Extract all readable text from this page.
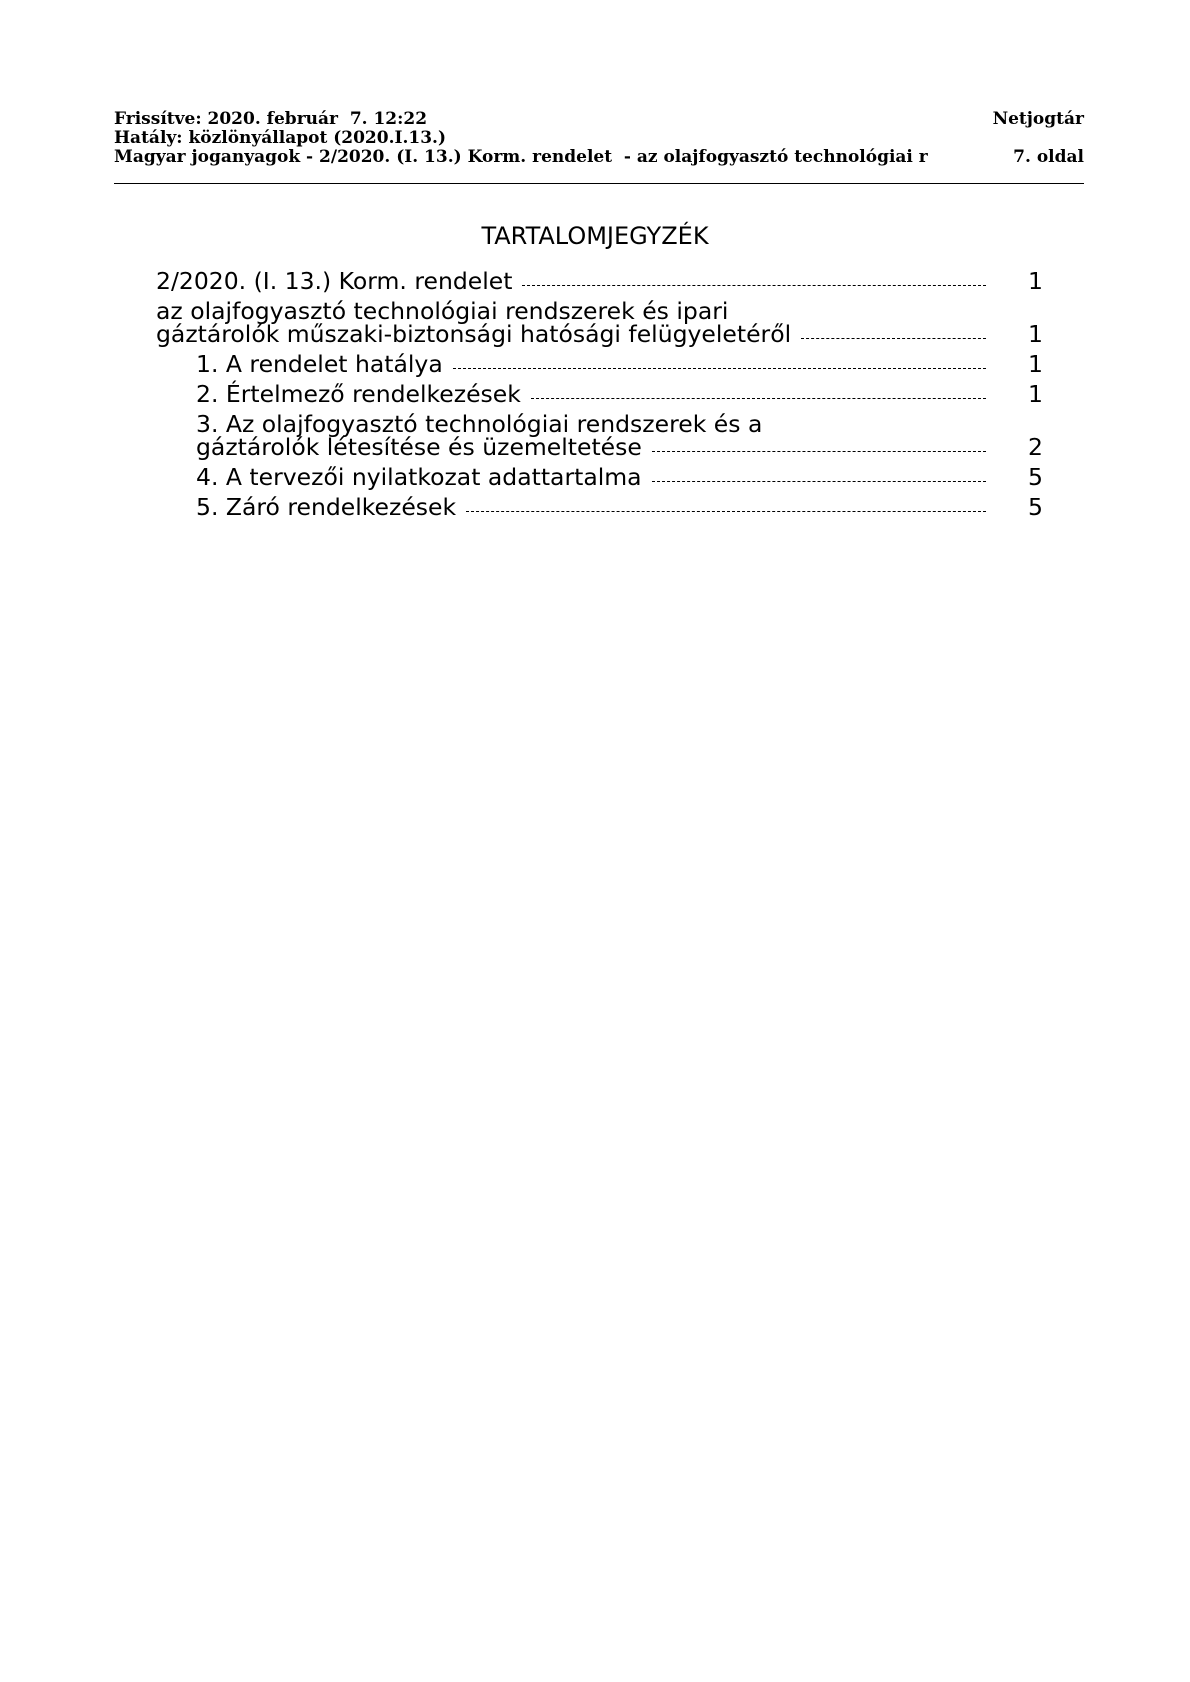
Frissítve: 2020. február  7. 12:22	Netjogtár
Hatály: közlönyállapot (2020.I.13.)
Magyar joganyagok - 2/2020. (I. 13.) Korm. rendelet  - az olajfogyasztó technológiai r	7. oldal
TARTALOMJEGYZÉK
2/2020. (I. 13.) Korm. rendelet	1
az olajfogyasztó technológiai rendszerek és ipari
gáztárolók műszaki-biztonsági hatósági felügyeletéről	1
1. A rendelet hatálya	1
2. Értelmező rendelkezések	1
3. Az olajfogyasztó technológiai rendszerek és a
gáztárolók létesítése és üzemeltetése	2
4. A tervezői nyilatkozat adattartalma	5
5. Záró rendelkezések	5
